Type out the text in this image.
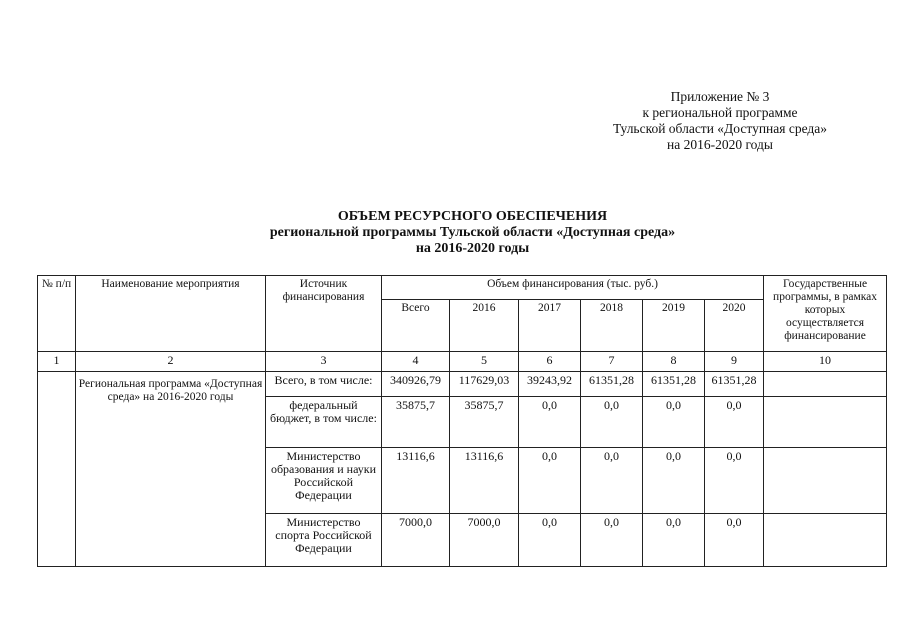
Приложение № 3
к региональной программе
Тульской области «Доступная среда»
на 2016-2020 годы
ОБЪЕМ РЕСУРСНОГО ОБЕСПЕЧЕНИЯ
региональной программы Тульской области «Доступная среда»
на 2016-2020 годы
№ п/п	Наименование мероприятия	Источник финансирования	Объем финансирования (тыс. руб.)						Государственные программы, в рамках которых осуществляется финансирование
			Всего	2016	2017	2018	2019	2020	
1	2	3	4	5	6	7	8	9	10
	Региональная программа «Доступная среда» на 2016-2020 годы	Всего, в том числе:	340926,79	117629,03	39243,92	61351,28	61351,28	61351,28	
		федеральный бюджет, в том числе:	35875,7	35875,7	0,0	0,0	0,0	0,0	
		Министерство образования и науки Российской Федерации	13116,6	13116,6	0,0	0,0	0,0	0,0	
		Министерство спорта Российской Федерации	7000,0	7000,0	0,0	0,0	0,0	0,0	
